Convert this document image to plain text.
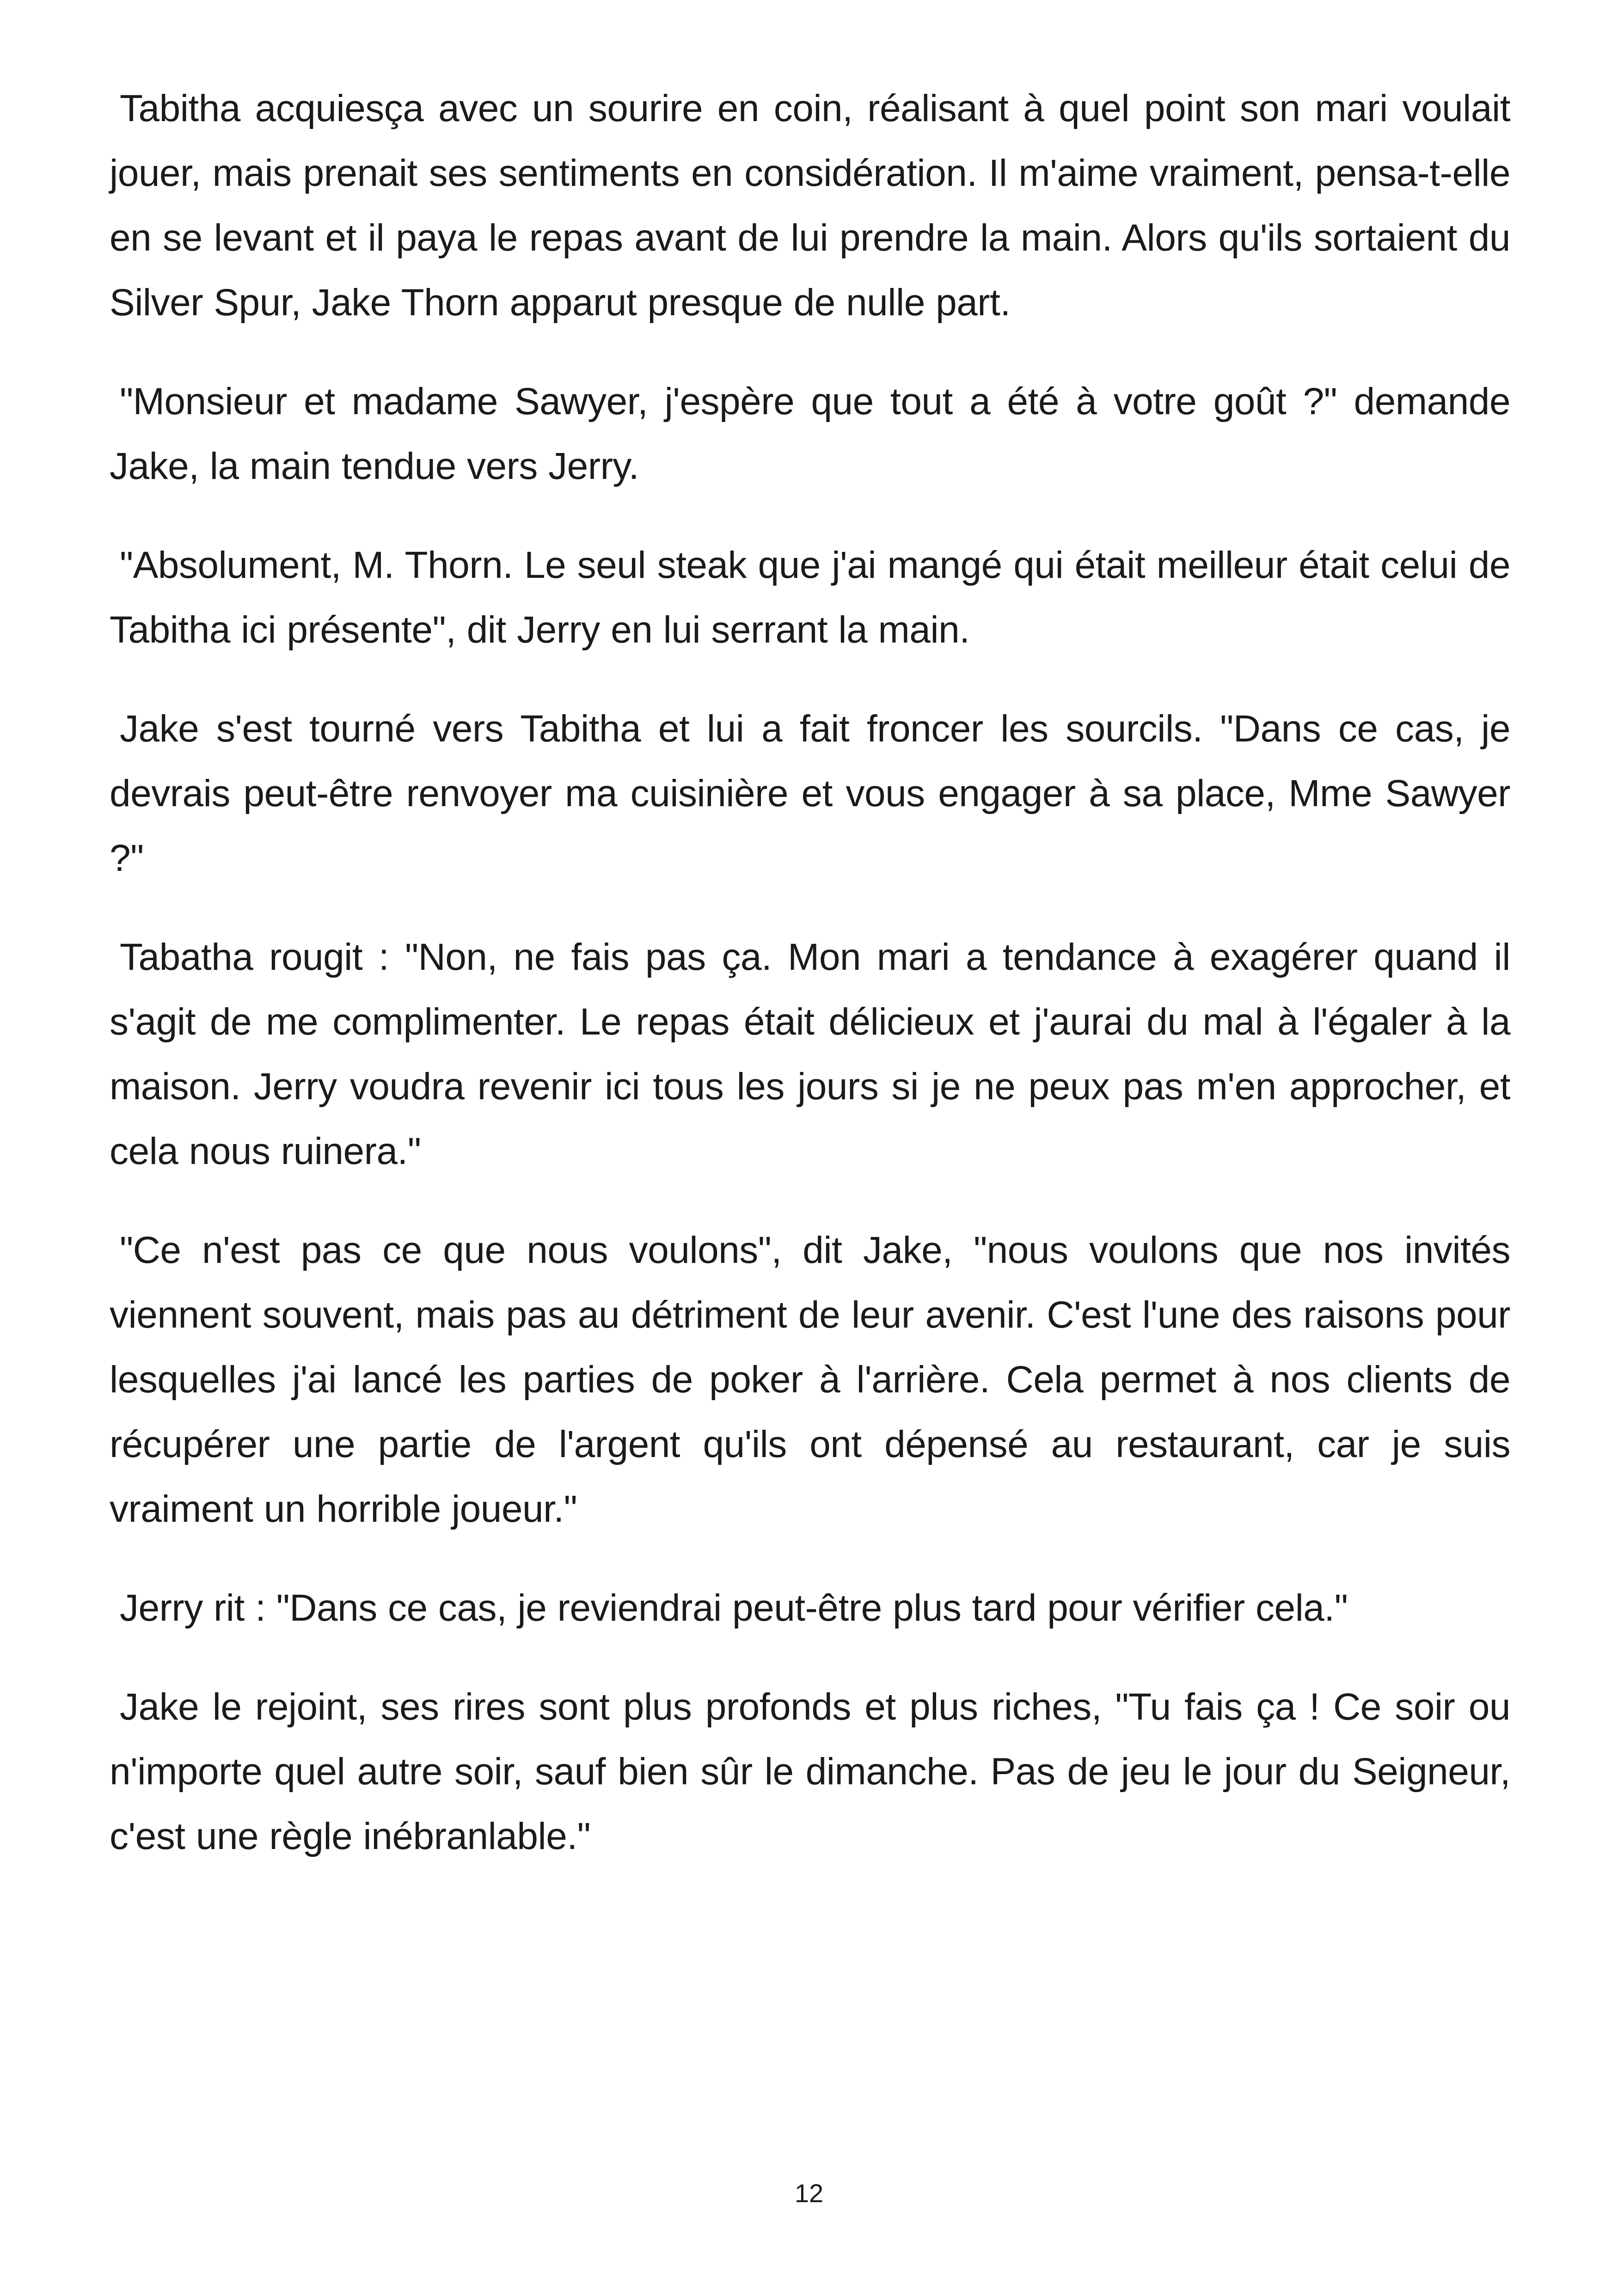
Tabitha acquiesça avec un sourire en coin, réalisant à quel point son mari voulait jouer, mais prenait ses sentiments en considération. Il m'aime vraiment, pensa-t-elle en se levant et il paya le repas avant de lui prendre la main. Alors qu'ils sortaient du Silver Spur, Jake Thorn apparut presque de nulle part.

"Monsieur et madame Sawyer, j'espère que tout a été à votre goût ?" demande Jake, la main tendue vers Jerry.

"Absolument, M. Thorn. Le seul steak que j'ai mangé qui était meilleur était celui de Tabitha ici présente", dit Jerry en lui serrant la main.

Jake s'est tourné vers Tabitha et lui a fait froncer les sourcils. "Dans ce cas, je devrais peut-être renvoyer ma cuisinière et vous engager à sa place, Mme Sawyer ?"

Tabatha rougit : "Non, ne fais pas ça. Mon mari a tendance à exagérer quand il s'agit de me complimenter. Le repas était délicieux et j'aurai du mal à l'égaler à la maison. Jerry voudra revenir ici tous les jours si je ne peux pas m'en approcher, et cela nous ruinera."

"Ce n'est pas ce que nous voulons", dit Jake, "nous voulons que nos invités viennent souvent, mais pas au détriment de leur avenir. C'est l'une des raisons pour lesquelles j'ai lancé les parties de poker à l'arrière. Cela permet à nos clients de récupérer une partie de l'argent qu'ils ont dépensé au restaurant, car je suis vraiment un horrible joueur."

Jerry rit : "Dans ce cas, je reviendrai peut-être plus tard pour vérifier cela."

Jake le rejoint, ses rires sont plus profonds et plus riches, "Tu fais ça ! Ce soir ou n'importe quel autre soir, sauf bien sûr le dimanche. Pas de jeu le jour du Seigneur, c'est une règle inébranlable."

12
